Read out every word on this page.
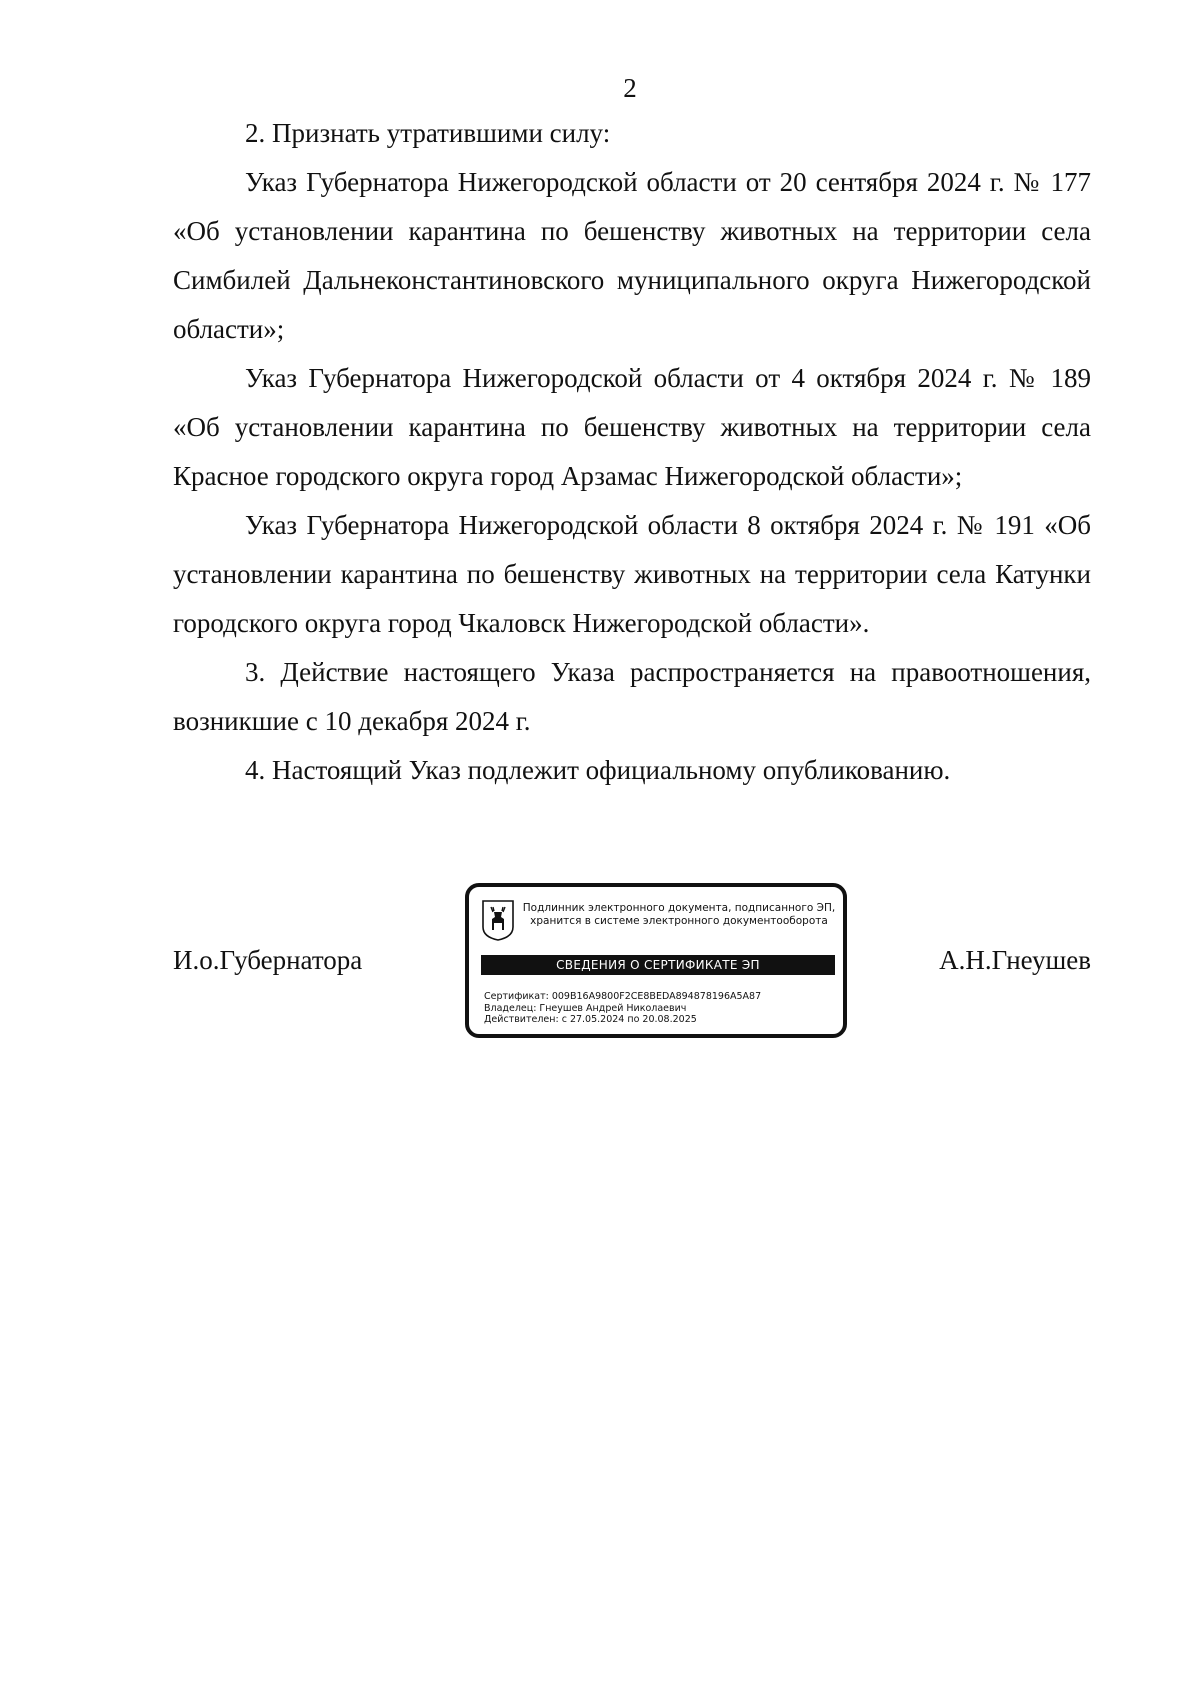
2

2. Признать утратившими силу:

Указ Губернатора Нижегородской области от 20 сентября 2024 г. № 177 «Об установлении карантина по бешенству животных на территории села Симбилей Дальнеконстантиновского муниципального округа Нижегородской области»;

Указ Губернатора Нижегородской области от 4 октября 2024 г. № 189 «Об установлении карантина по бешенству животных на территории села Красное городского округа город Арзамас Нижегородской области»;

Указ Губернатора Нижегородской области 8 октября 2024 г. № 191 «Об установлении карантина по бешенству животных на территории села Катунки городского округа город Чкаловск Нижегородской области».

3. Действие настоящего Указа распространяется на правоотношения, возникшие с 10 декабря 2024 г.

4. Настоящий Указ подлежит официальному опубликованию.

И.о.Губернатора
Подлинник электронного документа, подписанного ЭП,
хранится в системе электронного документооборота
СВЕДЕНИЯ О СЕРТИФИКАТЕ ЭП
Сертификат: 009B16A9800F2CE8BEDA894878196A5A87
Владелец: Гнеушев Андрей Николаевич
Действителен: с 27.05.2024 по 20.08.2025
А.Н.Гнеушев
